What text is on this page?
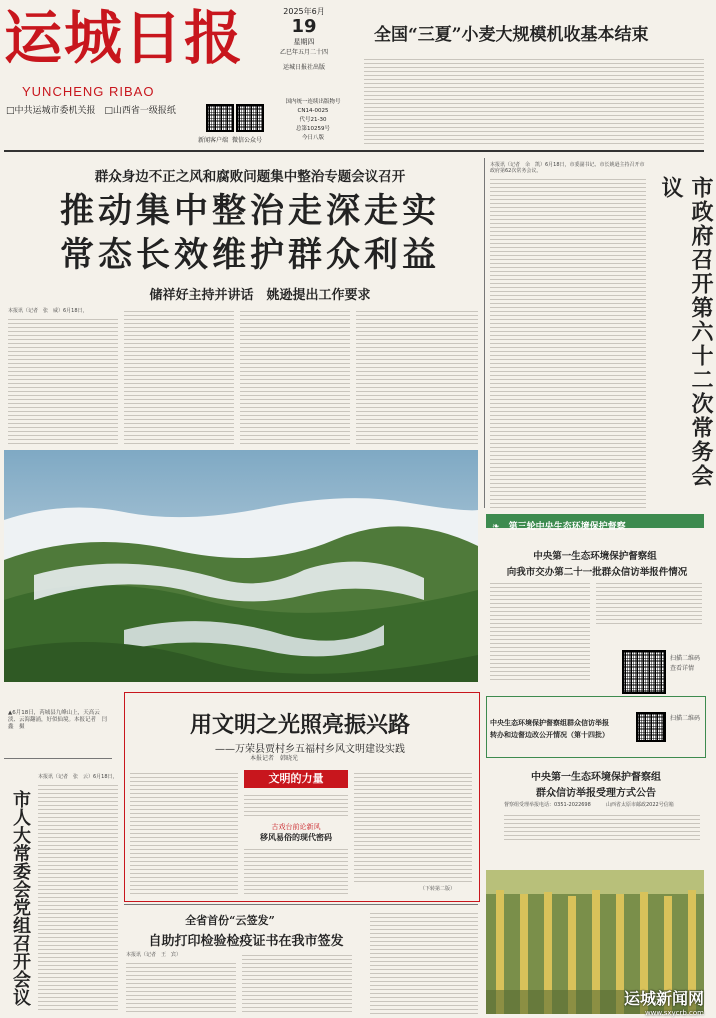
运城日报
YUNCHENG RIBAO
□中共运城市委机关报 □山西省一级报纸
2025年6月
19
星期四
乙巳年五月二十四
运城日报社出版
新闻客户端 微信公众号
国内统一连续出版物号
CN14-0025
代号21-30
总第10259号
今日八版
全国“三夏”小麦大规模机收基本结束
群众身边不正之风和腐败问题集中整治专题会议召开
推动集中整治走深走实
常态长效维护群众利益
储祥好主持并讲话　姚逊提出工作要求
本报讯（记者　张　威）6月18日，
本报讯（记者　余　凯）6月18日，市委副书记、市长姚逊主持召开市政府第62次常务会议。
市政府召开第六十二次常务会议
▲6月18日，芮城县九峰山上，天高云淡、云海翻涌，好似仙境。本报记者　闫鑫　摄
市人大常委会党组召开会议
本报讯（记者　张　云）6月18日，
用文明之光照亮振兴路
——万荣县贾村乡五福村乡风文明建设实践
本报记者　韩晓光
文明的力量
古戏台前论新风
移风易俗的现代密码
（下转第二版）
全省首份“云签发”
自助打印检验检疫证书在我市签发
本报讯（记者　王　宾）
❧ 第三轮中央生态环境保护督察
中央第一生态环境保护督察组
向我市交办第二十一批群众信访举报件情况
扫描二维码
查看详情
中央生态环境保护督察组群众信访举报
转办和边督边改公开情况（第十四批）
扫描二维码
中央第一生态环境保护督察组
群众信访举报受理方式公告
督察组受理举报电话：0351-2022698	山西省太原市邮政2022号信箱
运城新闻网
www.sxycrb.com
